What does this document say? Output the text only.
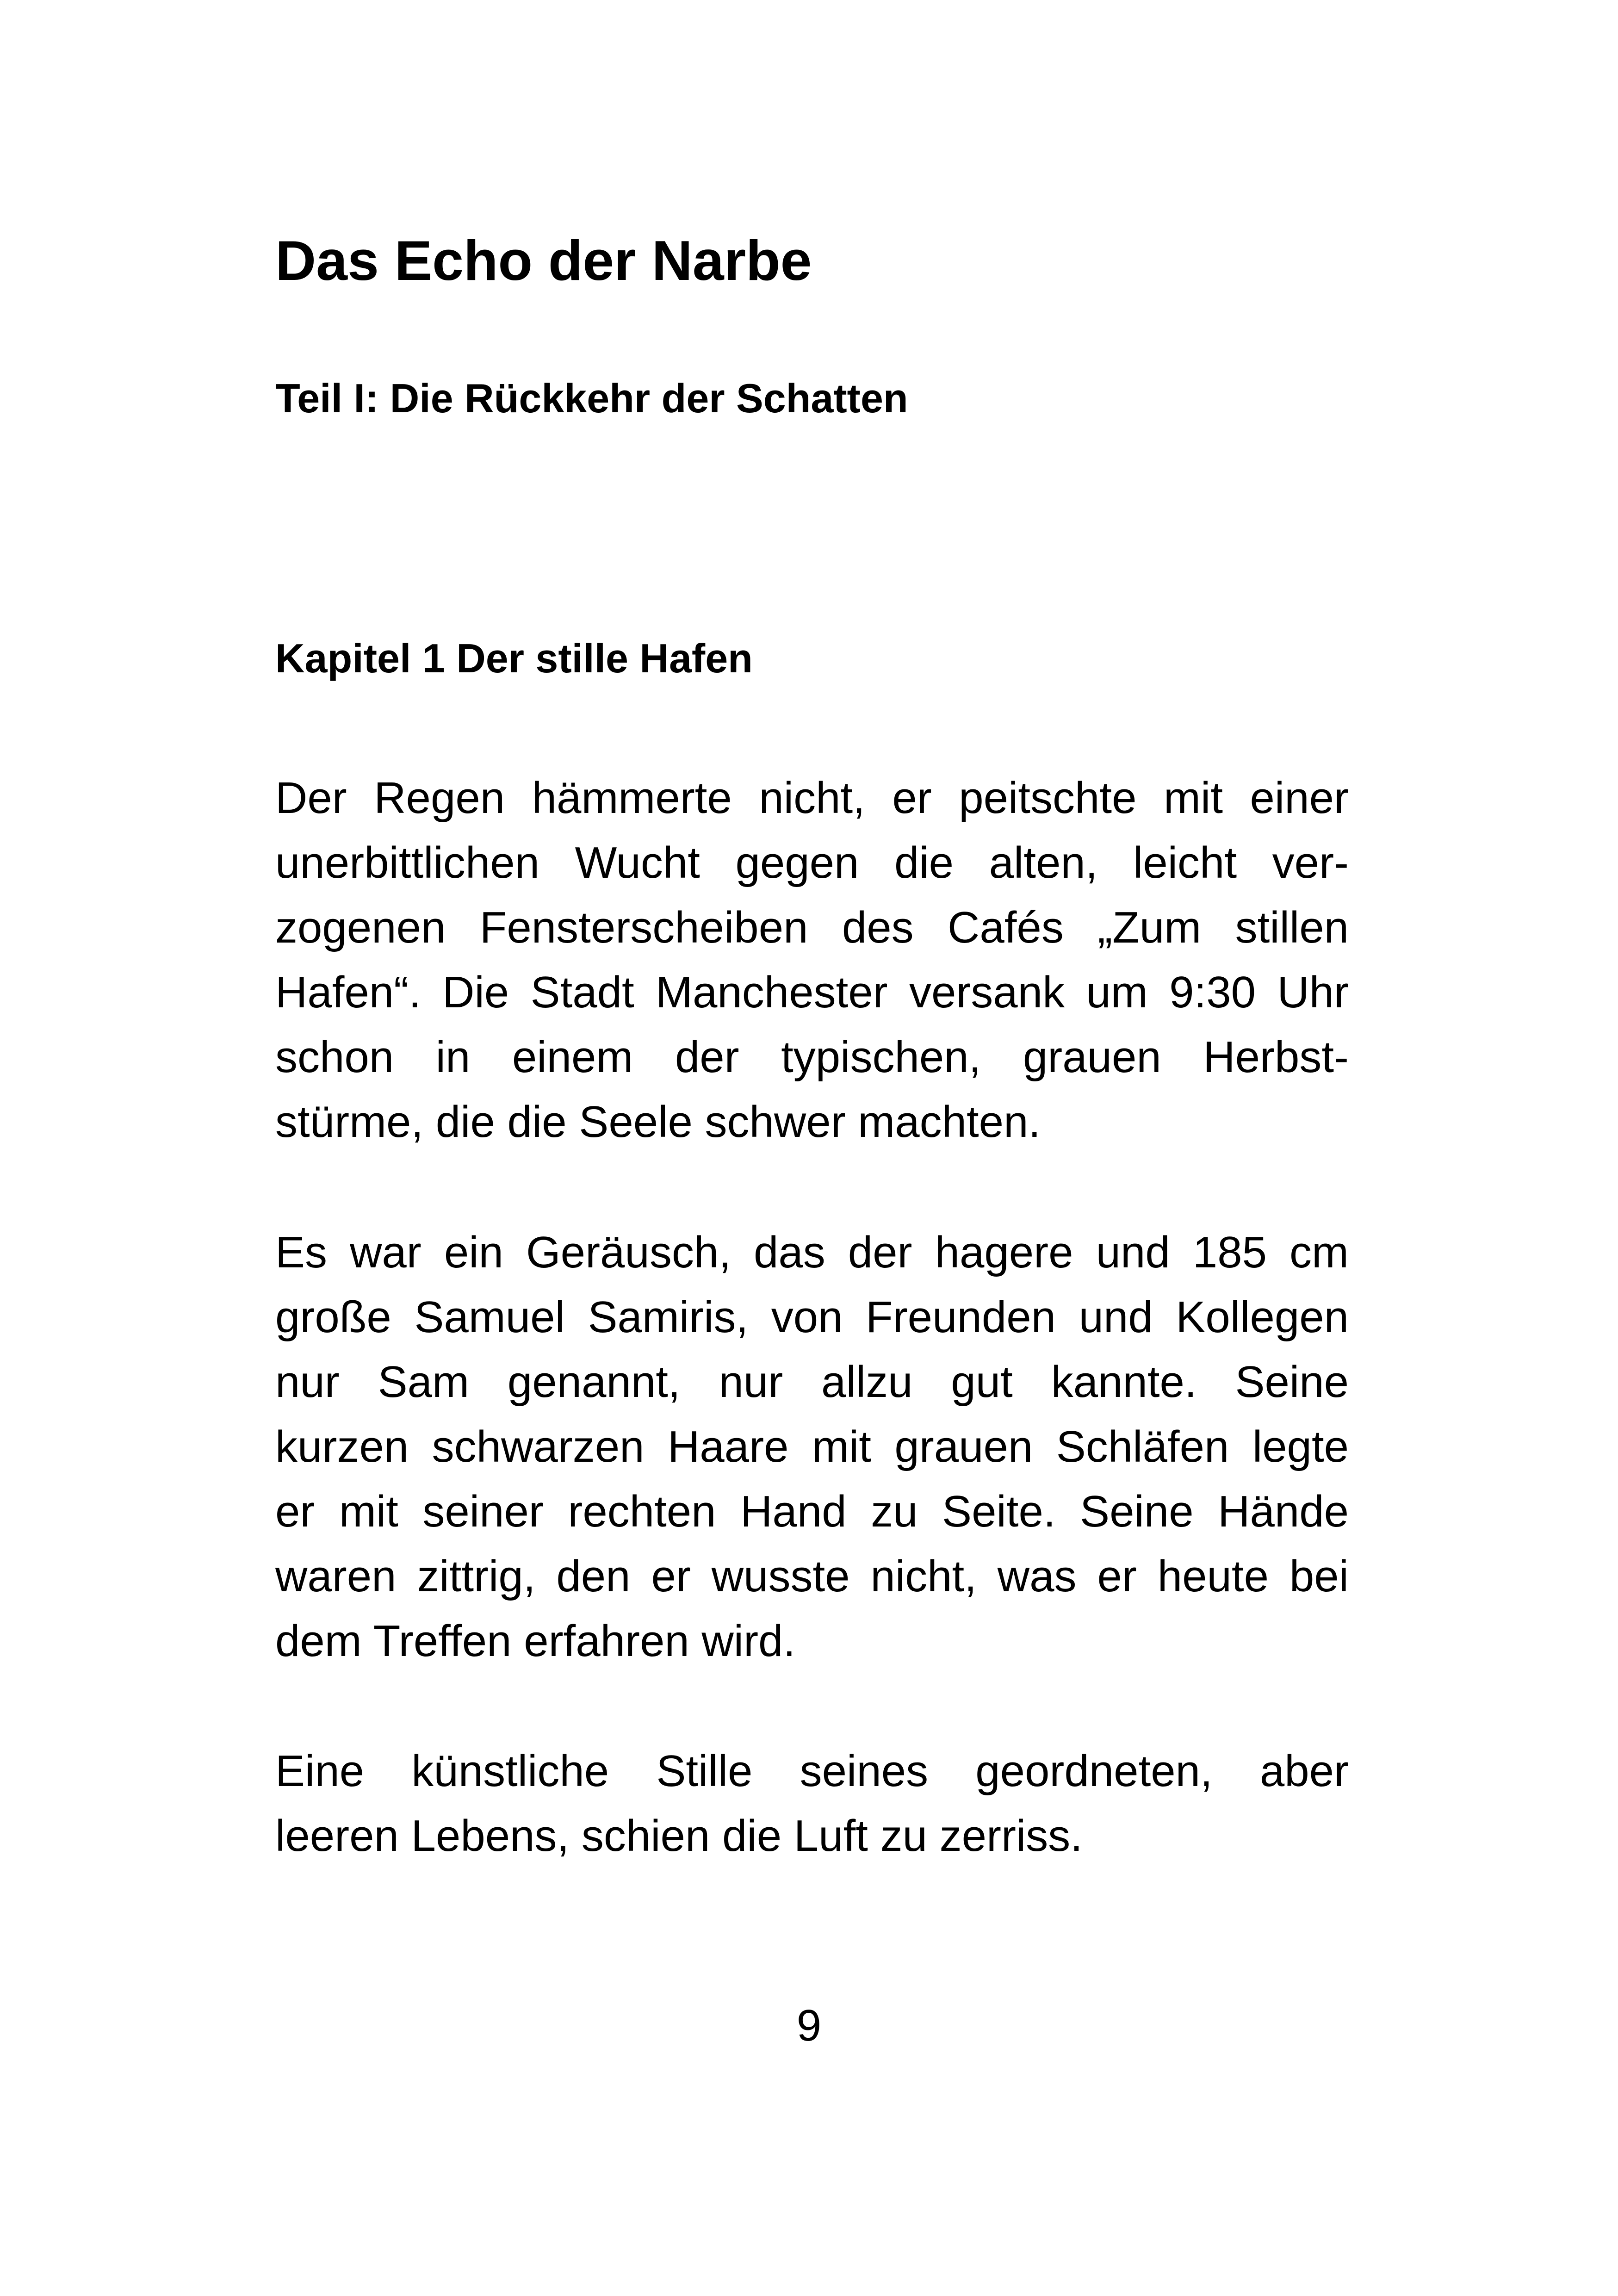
Das Echo der Narbe
Teil I: Die Rückkehr der Schatten
Kapitel 1 Der stille Hafen
Der Regen hämmerte nicht, er peitschte mit einer
unerbittlichen Wucht gegen die alten, leicht ver-
zogenen Fensterscheiben des Cafés „Zum stillen
Hafen“. Die Stadt Manchester versank um 9:30 Uhr
schon in einem der typischen, grauen Herbst-
stürme, die die Seele schwer machten.
Es war ein Geräusch, das der hagere und 185 cm
große Samuel Samiris, von Freunden und Kollegen
nur Sam genannt, nur allzu gut kannte. Seine
kurzen schwarzen Haare mit grauen Schläfen legte
er mit seiner rechten Hand zu Seite. Seine Hände
waren zittrig, den er wusste nicht, was er heute bei
dem Treffen erfahren wird.
Eine künstliche Stille seines geordneten, aber
leeren Lebens, schien die Luft zu zerriss.

9
